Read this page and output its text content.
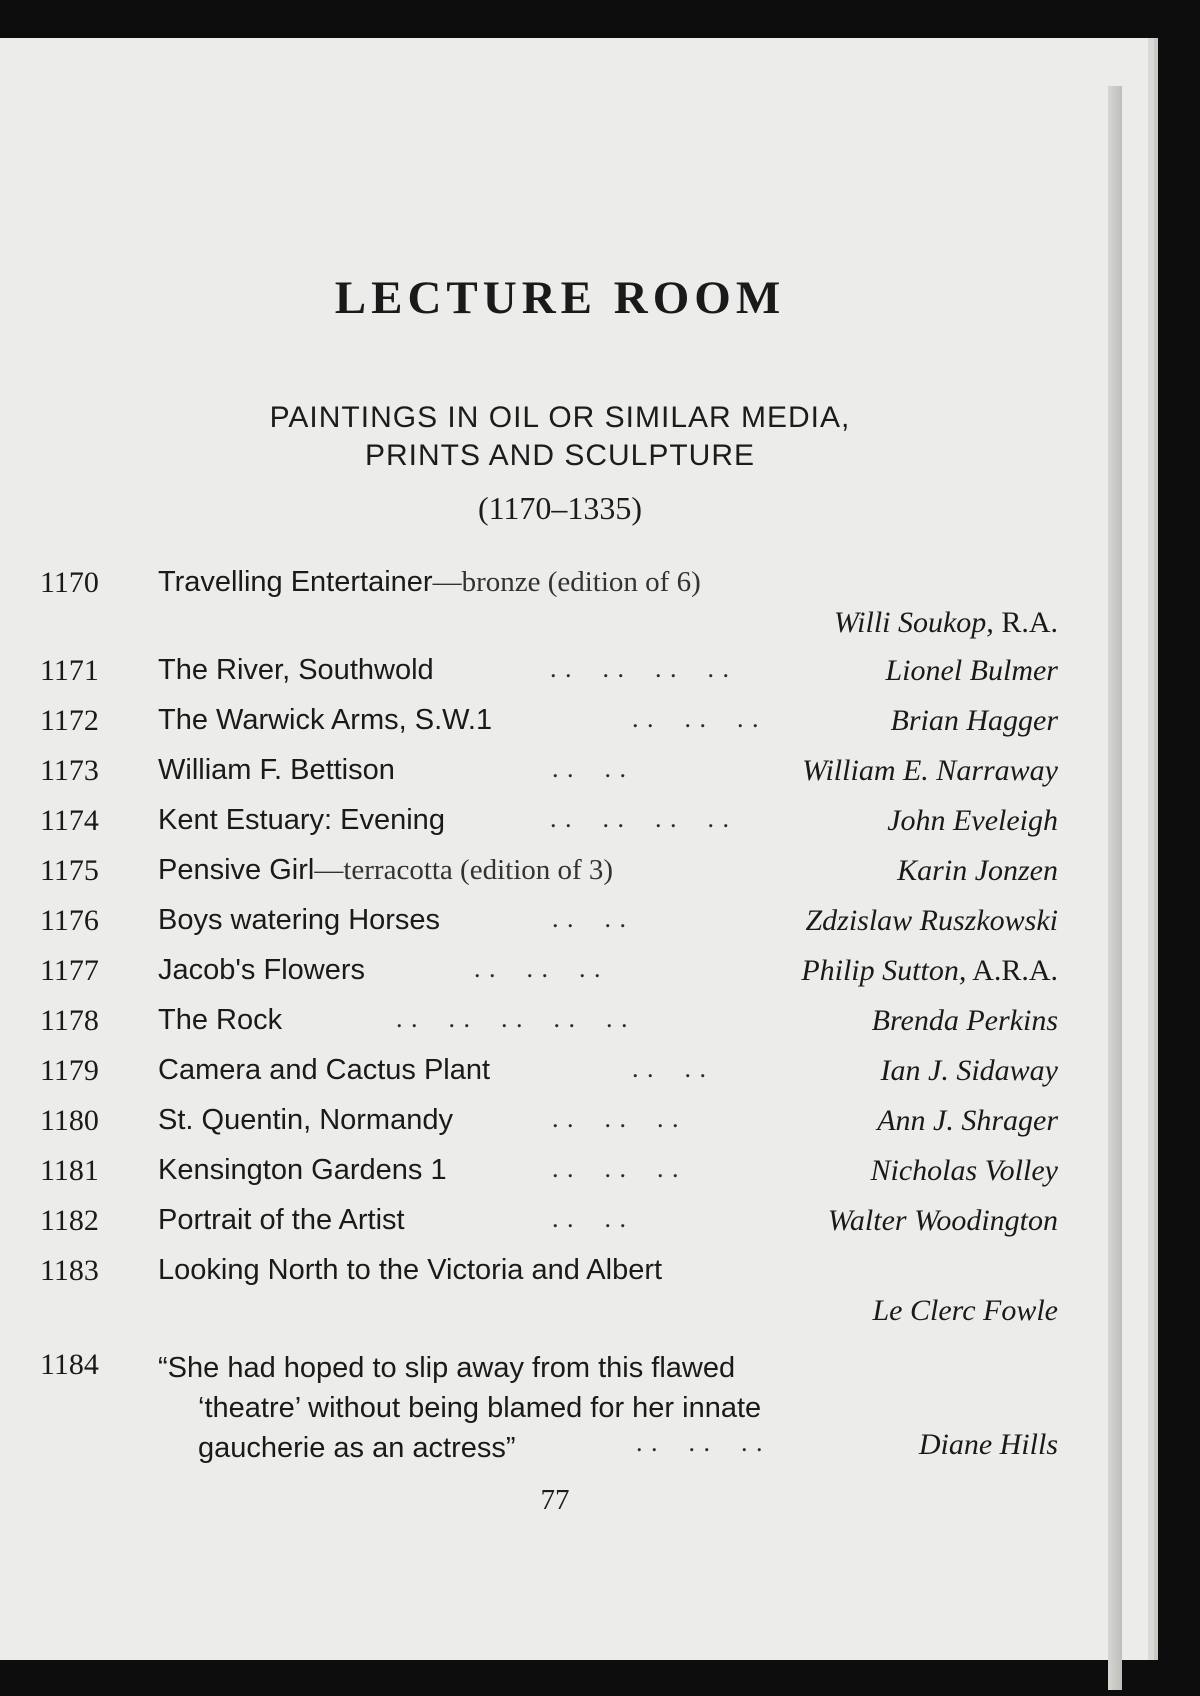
LECTURE ROOM
PAINTINGS IN OIL OR SIMILAR MEDIA,
PRINTS AND SCULPTURE
(1170–1335)
1170	Travelling Entertainer—bronze (edition of 6)
Willi Soukop, R.A.
1171	The River, Southwold	. .    . .    . .    . .	Lionel Bulmer
1172	The Warwick Arms, S.W.1	. .    . .    . .	Brian Hagger
1173	William F. Bettison	. .    . .	William E. Narraway
1174	Kent Estuary: Evening	. .    . .    . .    . .	John Eveleigh
1175	Pensive Girl—terracotta (edition of 3)	Karin Jonzen
1176	Boys watering Horses	. .    . .	Zdzislaw Ruszkowski
1177	Jacob's Flowers	. .    . .    . .	Philip Sutton, A.R.A.
1178	The Rock	. .    . .    . .    . .    . .	Brenda Perkins
1179	Camera and Cactus Plant	. .    . .	Ian J. Sidaway
1180	St. Quentin, Normandy	. .    . .    . .	Ann J. Shrager
1181	Kensington Gardens 1	. .    . .    . .	Nicholas Volley
1182	Portrait of the Artist	. .    . .	Walter Woodington
1183	Looking North to the Victoria and Albert
Le Clerc Fowle
1184	“She had hoped to slip away from this flawed
‘theatre’ without being blamed for her innate
gaucherie as an actress”	. .    . .    . .	Diane Hills
77
